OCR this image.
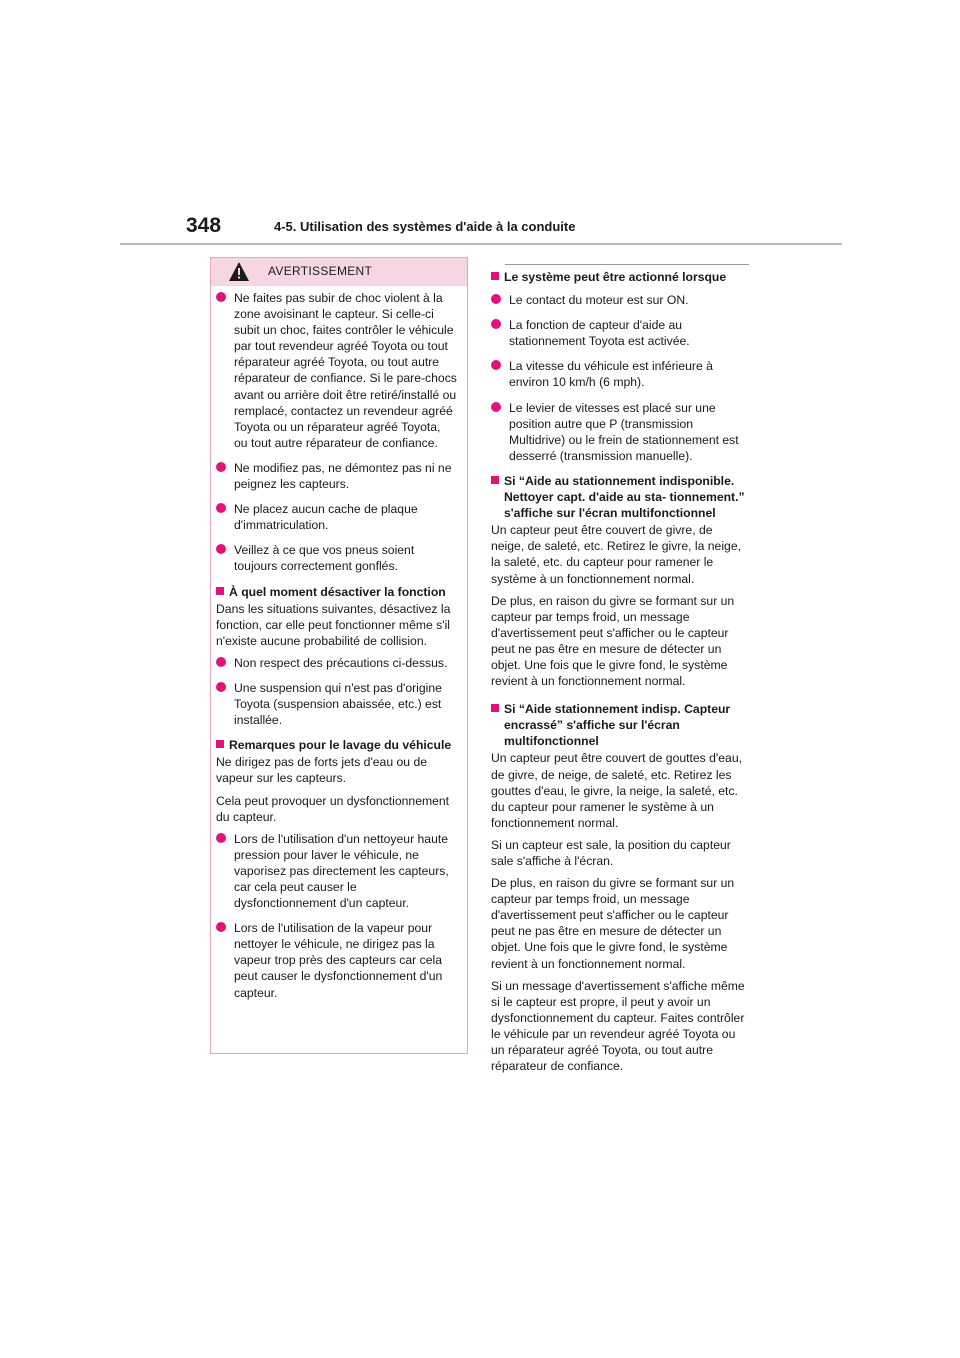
348	4-5. Utilisation des systèmes d'aide à la conduite
AVERTISSEMENT
Ne faites pas subir de choc violent à la zone avoisinant le capteur. Si celle-ci subit un choc, faites contrôler le véhicule par tout revendeur agréé Toyota ou tout réparateur agréé Toyota, ou tout autre réparateur de confiance. Si le pare-chocs avant ou arrière doit être retiré/installé ou remplacé, contactez un revendeur agréé Toyota ou un réparateur agréé Toyota, ou tout autre réparateur de confiance.
Ne modifiez pas, ne démontez pas ni ne peignez les capteurs.
Ne placez aucun cache de plaque d'immatriculation.
Veillez à ce que vos pneus soient toujours correctement gonflés.
À quel moment désactiver la fonction
Dans les situations suivantes, désactivez la fonction, car elle peut fonctionner même s'il n'existe aucune probabilité de collision.
Non respect des précautions ci-dessus.
Une suspension qui n'est pas d'origine Toyota (suspension abaissée, etc.) est installée.
Remarques pour le lavage du véhicule
Ne dirigez pas de forts jets d'eau ou de vapeur sur les capteurs.
Cela peut provoquer un dysfonctionnement du capteur.
Lors de l'utilisation d'un nettoyeur haute pression pour laver le véhicule, ne vaporisez pas directement les capteurs, car cela peut causer le dysfonctionnement d'un capteur.
Lors de l'utilisation de la vapeur pour nettoyer le véhicule, ne dirigez pas la vapeur trop près des capteurs car cela peut causer le dysfonctionnement d'un capteur.
Le système peut être actionné lorsque
Le contact du moteur est sur ON.
La fonction de capteur d'aide au stationnement Toyota est activée.
La vitesse du véhicule est inférieure à environ 10 km/h (6 mph).
Le levier de vitesses est placé sur une position autre que P (transmission Multidrive) ou le frein de stationnement est desserré (transmission manuelle).
Si “Aide au stationnement indisponible. Nettoyer capt. d'aide au sta- tionnement.” s'affiche sur l'écran multifonctionnel
Un capteur peut être couvert de givre, de neige, de saleté, etc. Retirez le givre, la neige, la saleté, etc. du capteur pour ramener le système à un fonctionnement normal.
De plus, en raison du givre se formant sur un capteur par temps froid, un message d'avertissement peut s'afficher ou le capteur peut ne pas être en mesure de détecter un objet. Une fois que le givre fond, le système revient à un fonctionnement normal.
Si “Aide stationnement indisp. Capteur encrassé” s'affiche sur l'écran multifonctionnel
Un capteur peut être couvert de gouttes d'eau, de givre, de neige, de saleté, etc. Retirez les gouttes d'eau, le givre, la neige, la saleté, etc. du capteur pour ramener le système à un fonctionnement normal.
Si un capteur est sale, la position du capteur sale s'affiche à l'écran.
De plus, en raison du givre se formant sur un capteur par temps froid, un message d'avertissement peut s'afficher ou le capteur peut ne pas être en mesure de détecter un objet. Une fois que le givre fond, le système revient à un fonctionnement normal.
Si un message d'avertissement s'affiche même si le capteur est propre, il peut y avoir un dysfonctionnement du capteur. Faites contrôler le véhicule par un revendeur agréé Toyota ou un réparateur agréé Toyota, ou tout autre réparateur de confiance.
